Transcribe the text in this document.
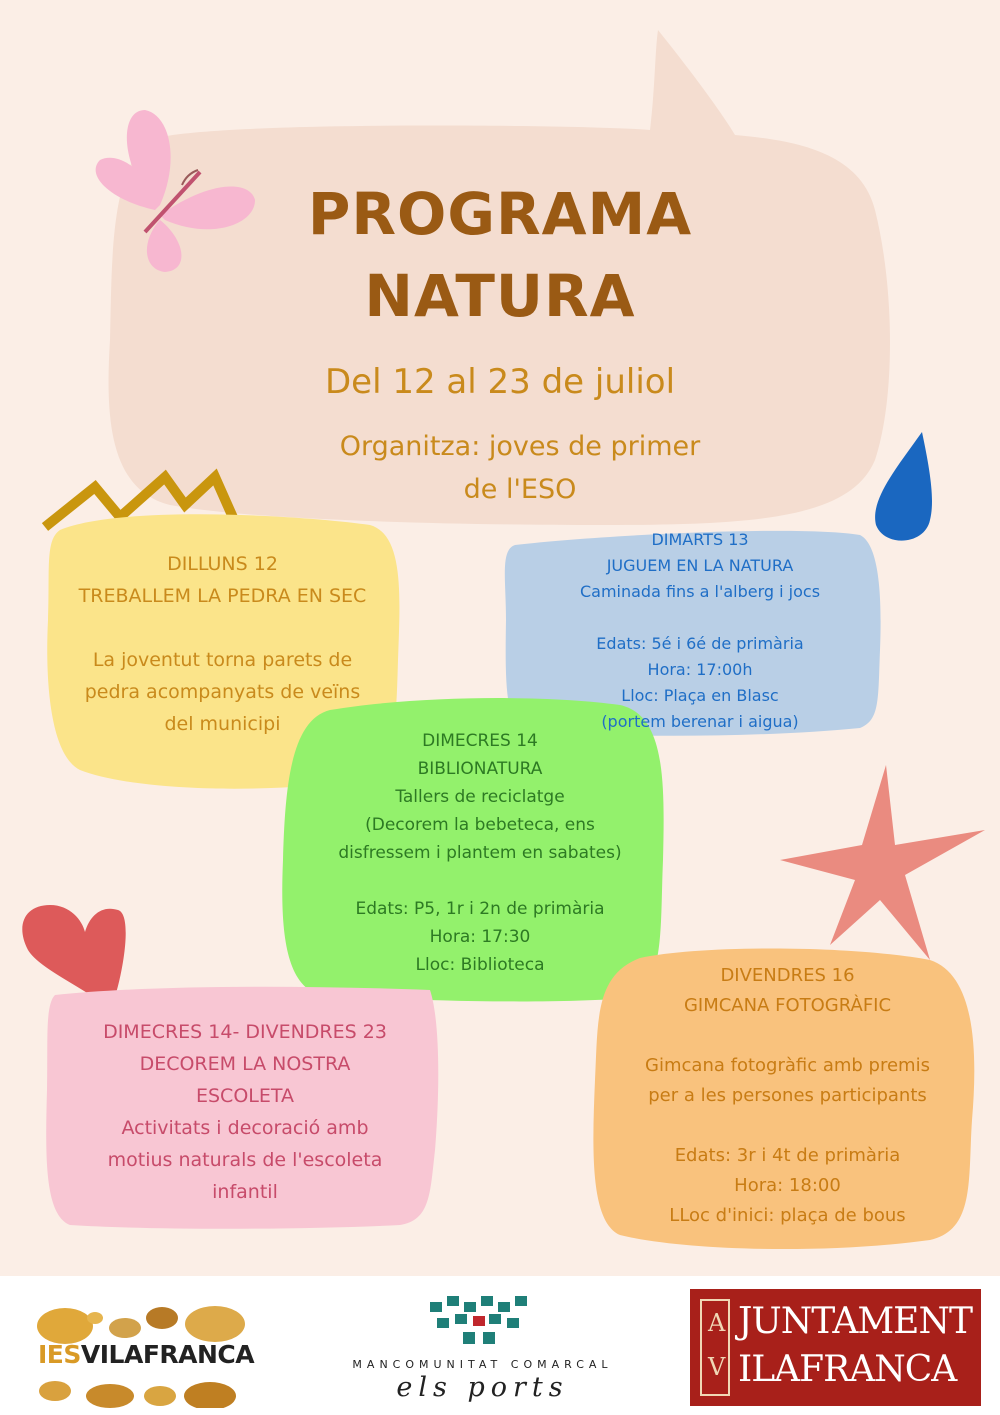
PROGRAMA
NATURA
Del 12 al 23 de juliol
Organitza: joves de primer
de l'ESO
DILLUNS 12
TREBALLEM LA PEDRA EN SEC
La joventut torna parets de
pedra acompanyats de veïns
del municipi
DIMARTS 13
JUGUEM EN LA NATURA
Caminada fins a l'alberg i jocs
Edats: 5é i 6é de primària
Hora: 17:00h
Lloc: Plaça en Blasc
(portem berenar i aigua)
DIMECRES 14
BIBLIONATURA
Tallers de reciclatge
(Decorem la bebeteca, ens
disfressem i plantem en sabates)
Edats: P5, 1r i 2n de primària
Hora: 17:30
Lloc: Biblioteca
DIMECRES 14- DIVENDRES 23
DECOREM LA NOSTRA
ESCOLETA
Activitats i decoració amb
motius naturals de l'escoleta
infantil
DIVENDRES 16
GIMCANA FOTOGRÀFIC
Gimcana fotogràfic amb premis
per a les persones participants
Edats: 3r i 4t de primària
Hora: 18:00
LLoc d'inici: plaça de bous
IESVILAFRANCA	MANCOMUNITAT COMARCAL
els ports
AV
JUNTAMENT
ILAFRANCA
